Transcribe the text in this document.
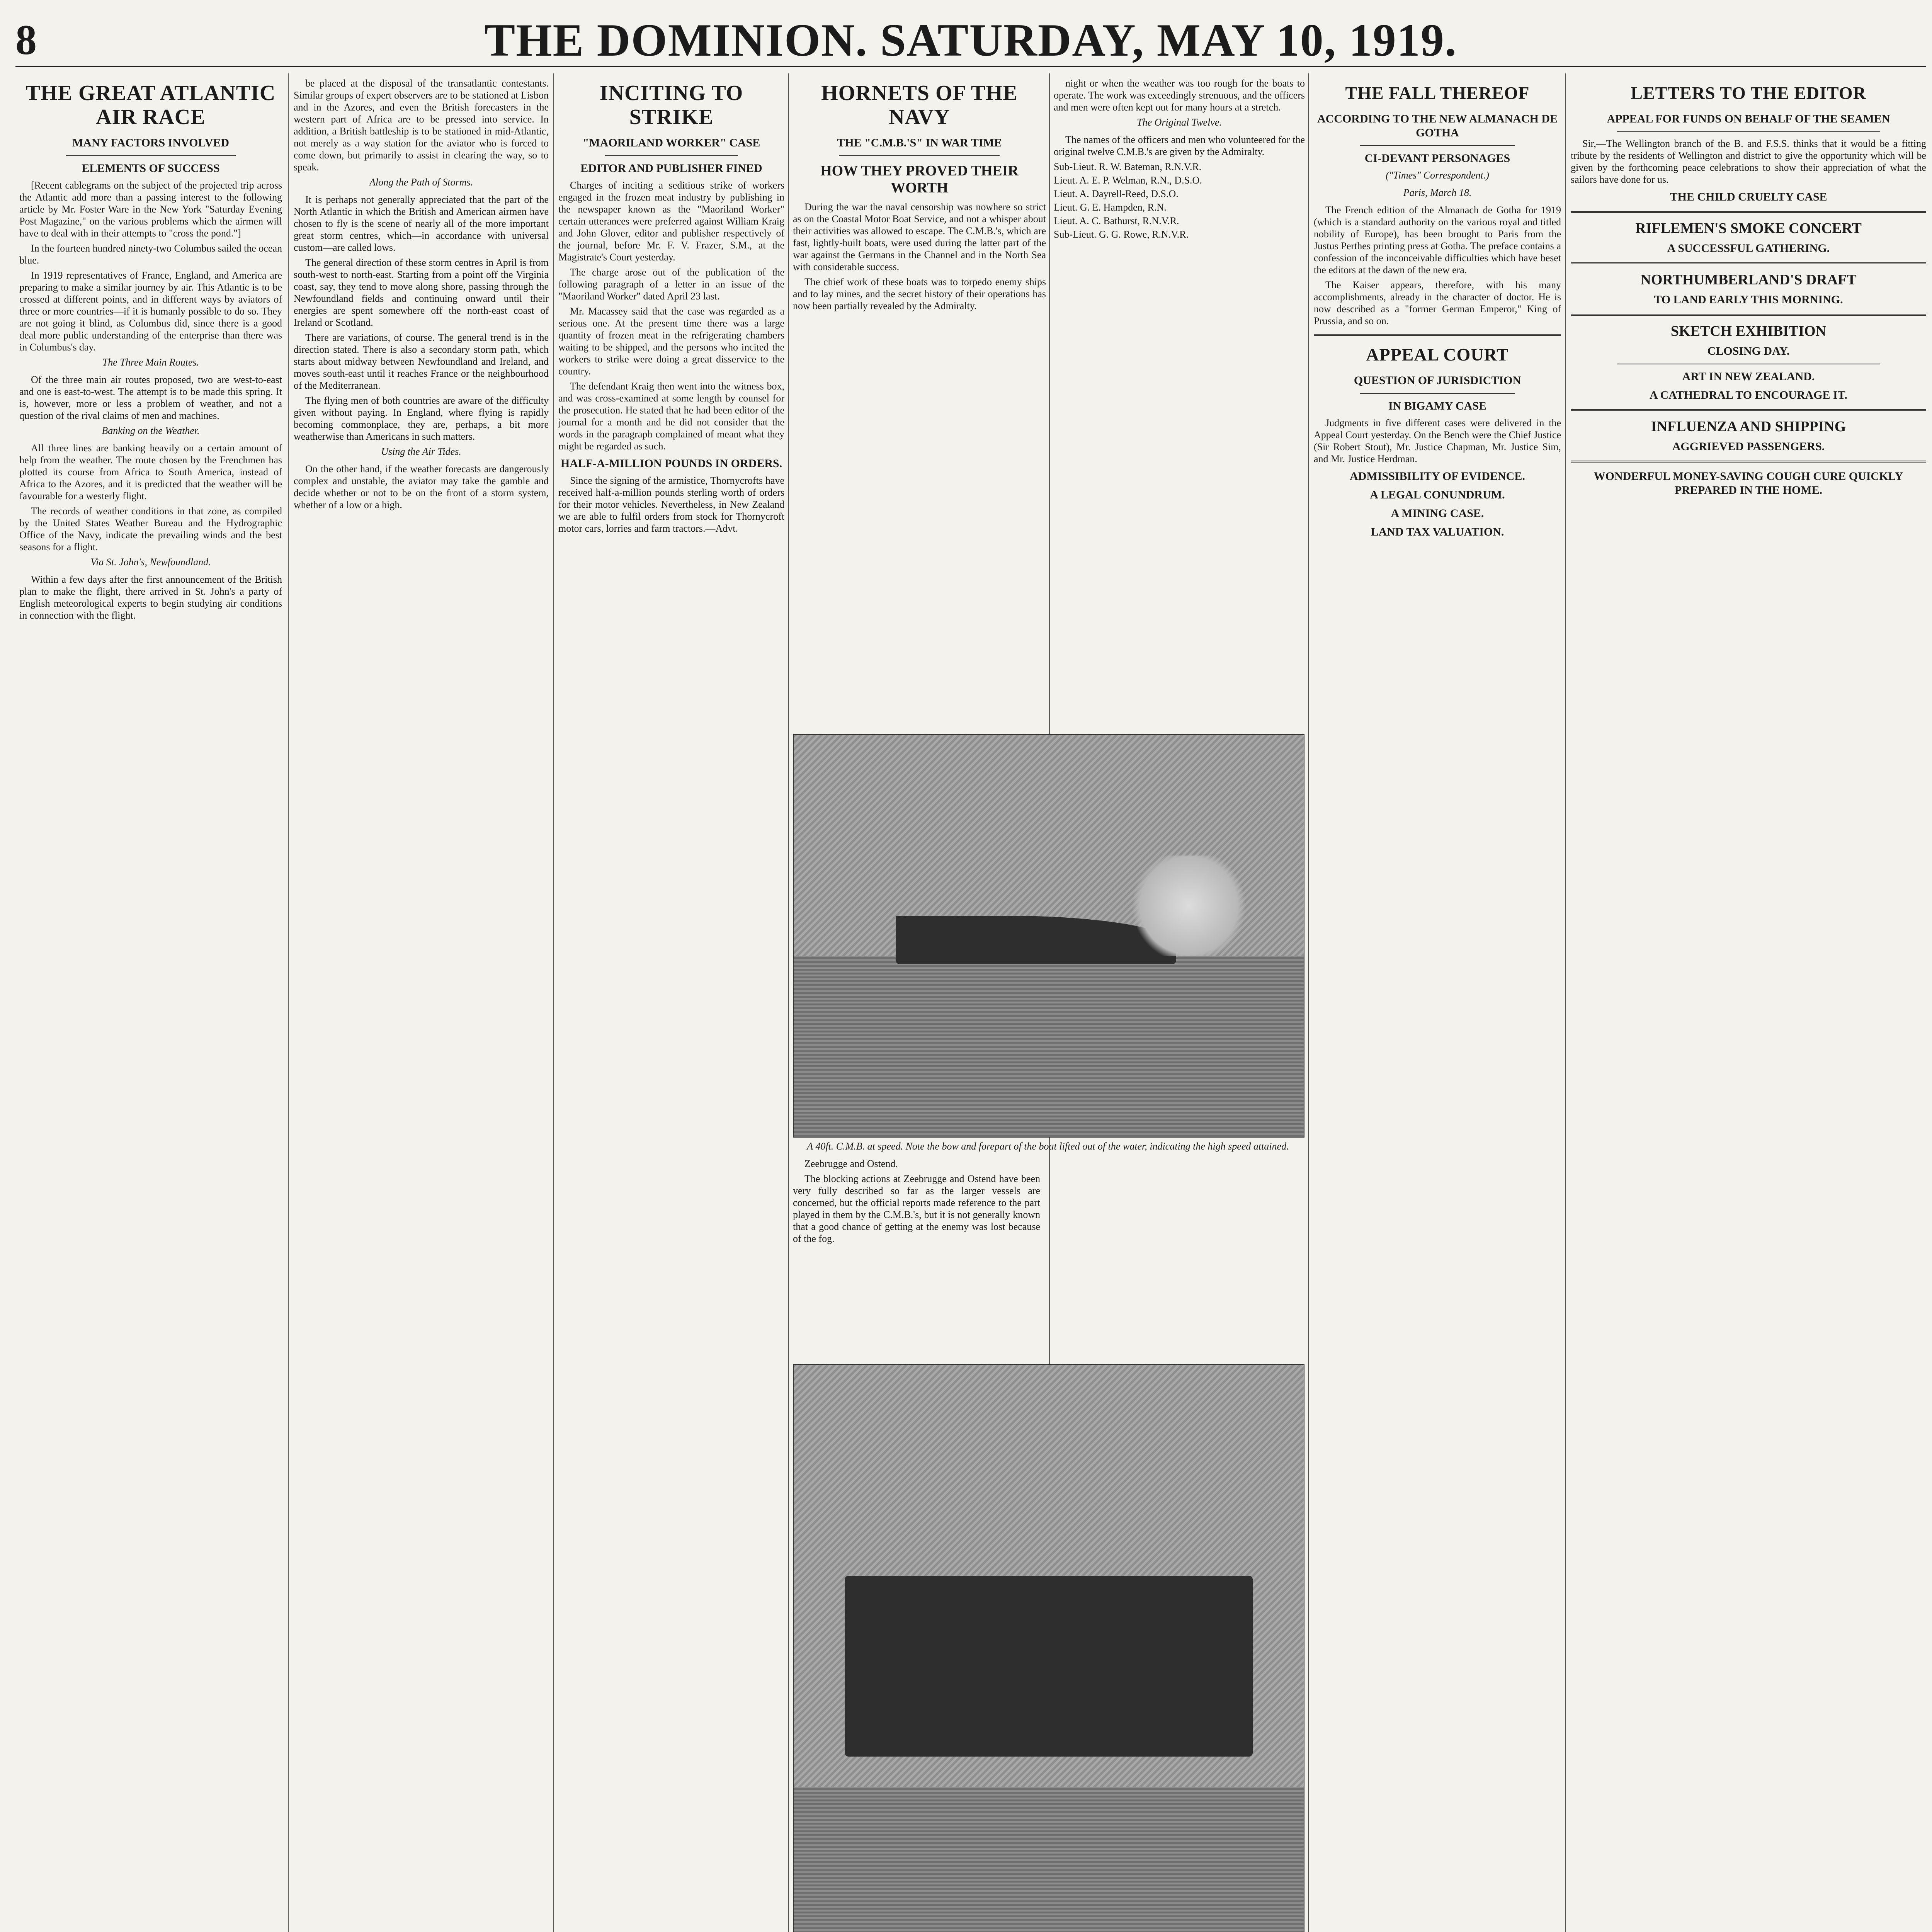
8	THE DOMINION. SATURDAY, MAY 10, 1919.
THE GREAT ATLANTIC AIR RACE
MANY FACTORS INVOLVED
ELEMENTS OF SUCCESS

[Recent cablegrams on the subject of the projected trip across the Atlantic add more than a passing interest to the following article by Mr. Foster Ware in the New York "Saturday Evening Post Magazine," on the various problems which the airmen will have to deal with in their attempts to "cross the pond."]

In the fourteen hundred ninety-two Columbus sailed the ocean blue.

In 1919 representatives of France, England, and America are preparing to make a similar journey by air. This Atlantic is to be crossed at different points, and in different ways by aviators of three or more countries—if it is humanly possible to do so. They are not going it blind, as Columbus did, since there is a good deal more public understanding of the enterprise than there was in Columbus's day.

The Three Main Routes.

Of the three main air routes proposed, two are west-to-east and one is east-to-west. The attempt is to be made this spring. It is, however, more or less a problem of weather, and not a question of the rival claims of men and machines.

Banking on the Weather.

All three lines are banking heavily on a certain amount of help from the weather. The route chosen by the Frenchmen has plotted its course from Africa to South America, instead of Africa to the Azores, and it is predicted that the weather will be favourable for a westerly flight.

The records of weather conditions in that zone, as compiled by the United States Weather Bureau and the Hydrographic Office of the Navy, indicate the prevailing winds and the best seasons for a flight.

Via St. John's, Newfoundland.

Within a few days after the first announcement of the British plan to make the flight, there arrived in St. John's a party of English meteorological experts to begin studying air conditions in connection with the flight.

be placed at the disposal of the transatlantic contestants. Similar groups of expert observers are to be stationed at Lisbon and in the Azores, and even the British forecasters in the western part of Africa are to be pressed into service. In addition, a British battleship is to be stationed in mid-Atlantic, not merely as a way station for the aviator who is forced to come down, but primarily to assist in clearing the way, so to speak.

Along the Path of Storms.

It is perhaps not generally appreciated that the part of the North Atlantic in which the British and American airmen have chosen to fly is the scene of nearly all of the more important great storm centres, which—in accordance with universal custom—are called lows.

The general direction of these storm centres in April is from south-west to north-east. Starting from a point off the Virginia coast, say, they tend to move along shore, passing through the Newfoundland fields and continuing onward until their energies are spent somewhere off the north-east coast of Ireland or Scotland.

There are variations, of course. The general trend is in the direction stated. There is also a secondary storm path, which starts about midway between Newfoundland and Ireland, and moves south-east until it reaches France or the neighbourhood of the Mediterranean.

The flying men of both countries are aware of the difficulty given without paying. In England, where flying is rapidly becoming commonplace, they are, perhaps, a bit more weatherwise than Americans in such matters.

Using the Air Tides.

On the other hand, if the weather forecasts are dangerously complex and unstable, the aviator may take the gamble and decide whether or not to be on the front of a storm system, whether of a low or a high.

INCITING TO STRIKE
"MAORILAND WORKER" CASE
EDITOR AND PUBLISHER FINED

Charges of inciting a seditious strike of workers engaged in the frozen meat industry by publishing in the newspaper known as the "Maoriland Worker" certain utterances were preferred against William Kraig and John Glover, editor and publisher respectively of the journal, before Mr. F. V. Frazer, S.M., at the Magistrate's Court yesterday.

The charge arose out of the publication of the following paragraph of a letter in an issue of the "Maoriland Worker" dated April 23 last.

Mr. Macassey said that the case was regarded as a serious one. At the present time there was a large quantity of frozen meat in the refrigerating chambers waiting to be shipped, and the persons who incited the workers to strike were doing a great disservice to the country.

The defendant Kraig then went into the witness box, and was cross-examined at some length by counsel for the prosecution. He stated that he had been editor of the journal for a month and he did not consider that the words in the paragraph complained of meant what they might be regarded as such.

HALF-A-MILLION POUNDS IN ORDERS.

Since the signing of the armistice, Thornycrofts have received half-a-million pounds sterling worth of orders for their motor vehicles. Nevertheless, in New Zealand we are able to fulfil orders from stock for Thornycroft motor cars, lorries and farm tractors.—Advt.

HORNETS OF THE NAVY
THE "C.M.B.'S" IN WAR TIME
HOW THEY PROVED THEIR WORTH

During the war the naval censorship was nowhere so strict as on the Coastal Motor Boat Service, and not a whisper about their activities was allowed to escape. The C.M.B.'s, which are fast, lightly-built boats, were used during the latter part of the war against the Germans in the Channel and in the North Sea with considerable success.

The chief work of these boats was to torpedo enemy ships and to lay mines, and the secret history of their operations has now been partially revealed by the Admiralty.

night or when the weather was too rough for the boats to operate. The work was exceedingly strenuous, and the officers and men were often kept out for many hours at a stretch.

The Original Twelve.

The names of the officers and men who volunteered for the original twelve C.M.B.'s are given by the Admiralty.

Sub-Lieut. R. W. Bateman, R.N.V.R.
Lieut. A. E. P. Welman, R.N., D.S.O.
Lieut. A. Dayrell-Reed, D.S.O.
Lieut. G. E. Hampden, R.N.
Lieut. A. C. Bathurst, R.N.V.R.
Sub-Lieut. G. G. Rowe, R.N.V.R.
A 40ft. C.M.B. at speed. Note the bow and forepart of the boat lifted out of the water, indicating the high speed attained.

Zeebrugge and Ostend.

The blocking actions at Zeebrugge and Ostend have been very fully described so far as the larger vessels are concerned, but the official reports made reference to the part played in them by the C.M.B.'s, but it is not generally known that a good chance of getting at the enemy was lost because of the fog.

THE FALL THEREOF
ACCORDING TO THE NEW ALMANACH DE GOTHA
CI-DEVANT PERSONAGES
("Times" Correspondent.)
Paris, March 18.

The French edition of the Almanach de Gotha for 1919 (which is a standard authority on the various royal and titled nobility of Europe), has been brought to Paris from the Justus Perthes printing press at Gotha. The preface contains a confession of the inconceivable difficulties which have beset the editors at the dawn of the new era.

The Kaiser appears, therefore, with his many accomplishments, already in the character of doctor. He is now described as a "former German Emperor," King of Prussia, and so on.

APPEAL COURT
QUESTION OF JURISDICTION
IN BIGAMY CASE

Judgments in five different cases were delivered in the Appeal Court yesterday. On the Bench were the Chief Justice (Sir Robert Stout), Mr. Justice Chapman, Mr. Justice Sim, and Mr. Justice Herdman.

ADMISSIBILITY OF EVIDENCE.
A LEGAL CONUNDRUM.
A MINING CASE.
LAND TAX VALUATION.
LETTERS TO THE EDITOR
APPEAL FOR FUNDS ON BEHALF OF THE SEAMEN

Sir,—The Wellington branch of the B. and F.S.S. thinks that it would be a fitting tribute by the residents of Wellington and district to give the opportunity which will be given by the forthcoming peace celebrations to show their appreciation of what the sailors have done for us.

THE CHILD CRUELTY CASE
RIFLEMEN'S SMOKE CONCERT
A SUCCESSFUL GATHERING.
NORTHUMBERLAND'S DRAFT
TO LAND EARLY THIS MORNING.
SKETCH EXHIBITION
CLOSING DAY.
ART IN NEW ZEALAND.
A CATHEDRAL TO ENCOURAGE IT.
INFLUENZA AND SHIPPING
AGGRIEVED PASSENGERS.
WONDERFUL MONEY-SAVING COUGH CURE QUICKLY PREPARED IN THE HOME.
